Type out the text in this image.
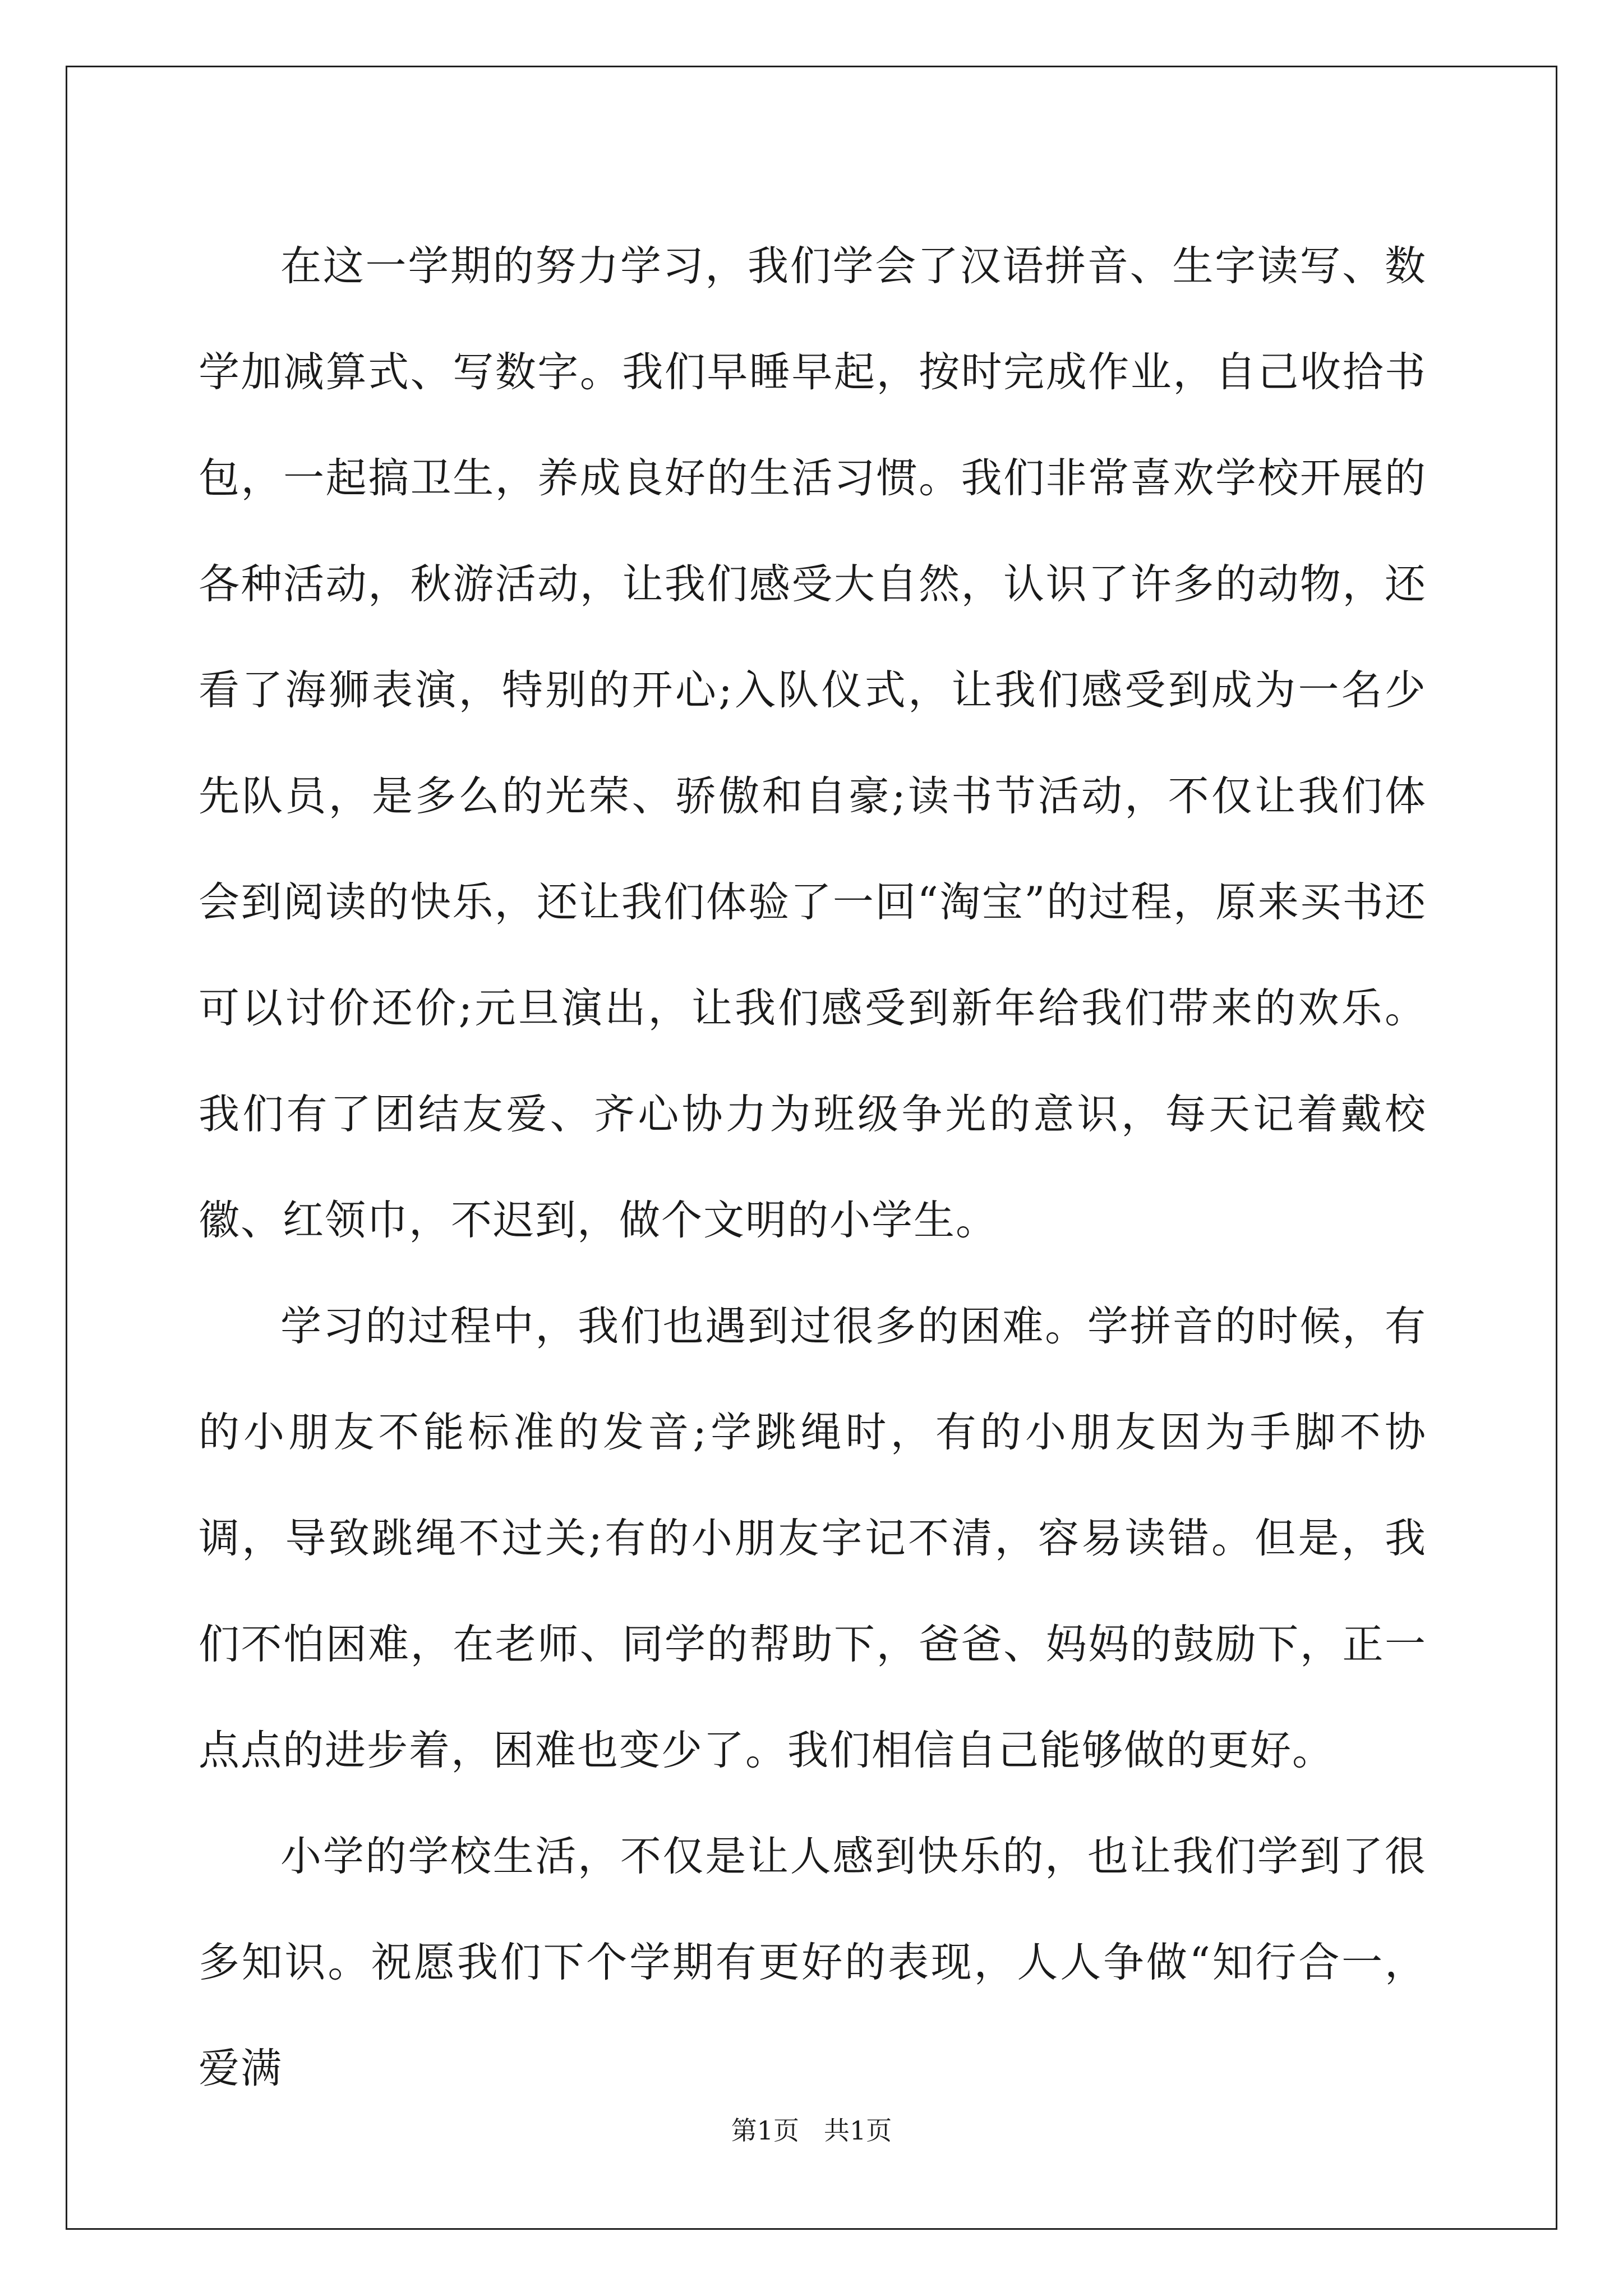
在这一学期的努力学习，我们学会了汉语拼音、生字读写、数学加减算式、写数字。我们早睡早起，按时完成作业，自己收拾书包，一起搞卫生，养成良好的生活习惯。我们非常喜欢学校开展的各种活动，秋游活动，让我们感受大自然，认识了许多的动物，还看了海狮表演，特别的开心;入队仪式，让我们感受到成为一名少先队员，是多么的光荣、骄傲和自豪;读书节活动，不仅让我们体会到阅读的快乐，还让我们体验了一回“淘宝”的过程，原来买书还可以讨价还价;元旦演出，让我们感受到新年给我们带来的欢乐。我们有了团结友爱、齐心协力为班级争光的意识，每天记着戴校徽、红领巾，不迟到，做个文明的小学生。

学习的过程中，我们也遇到过很多的困难。学拼音的时候，有的小朋友不能标准的发音;学跳绳时，有的小朋友因为手脚不协调，导致跳绳不过关;有的小朋友字记不清，容易读错。但是，我们不怕困难，在老师、同学的帮助下，爸爸、妈妈的鼓励下，正一点点的进步着，困难也变少了。我们相信自己能够做的更好。

小学的学校生活，不仅是让人感到快乐的，也让我们学到了很多知识。祝愿我们下个学期有更好的表现，人人争做“知行合一，爱满

第1页 共1页
